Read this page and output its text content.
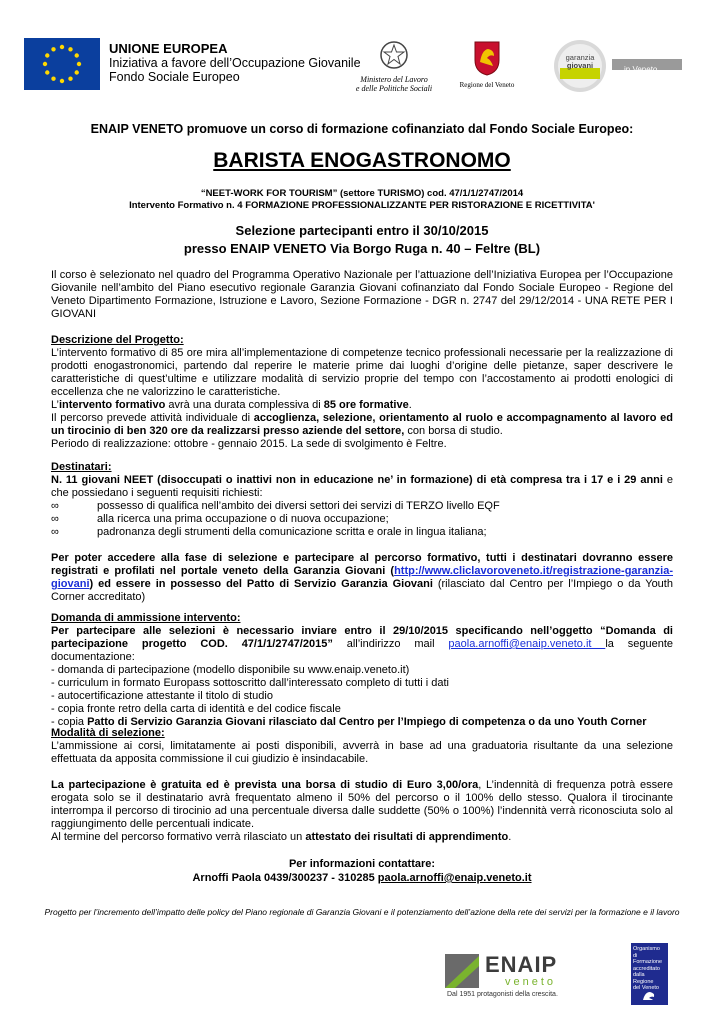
UNIONE EUROPEA
Iniziativa a favore dell’Occupazione Giovanile
Fondo Sociale Europeo	Ministero del Lavoro
e delle Politiche Sociali	Regione del Veneto
garanzia
giovani	in Veneto
ENAIP VENETO promuove un corso di formazione cofinanziato dal Fondo Sociale Europeo:
BARISTA ENOGASTRONOMO
“NEET-WORK FOR TOURISM” (settore TURISMO) cod. 47/1/1/2747/2014
Intervento Formativo n. 4 FORMAZIONE PROFESSIONALIZZANTE PER RISTORAZIONE E RICETTIVITA'
Selezione partecipanti entro il 30/10/2015
presso ENAIP VENETO Via Borgo Ruga n. 40 – Feltre (BL)
Il corso è selezionato nel quadro del Programma Operativo Nazionale per l’attuazione dell’Iniziativa Europea per l’Occupazione Giovanile nell’ambito del Piano esecutivo regionale Garanzia Giovani cofinanziato dal Fondo Sociale Europeo - Regione del Veneto Dipartimento Formazione, Istruzione e Lavoro, Sezione Formazione - DGR n. 2747 del 29/12/2014 - UNA RETE PER I GIOVANI

Descrizione del Progetto:

L’intervento formativo di 85 ore mira all’implementazione di competenze tecnico professionali necessarie per la realizzazione di prodotti enogastronomici, partendo dal reperire le materie prime dai luoghi d’origine delle pietanze, saper descrivere le caratteristiche di quest’ultime e utilizzare modalità di servizio proprie del tempo con l’accostamento ai prodotti enologici di eccellenza che ne valorizzino le caratteristiche.

L’intervento formativo avrà una durata complessiva di 85 ore formative.

Il percorso prevede attività individuale di accoglienza, selezione, orientamento al ruolo e accompagnamento al lavoro ed un tirocinio di ben 320 ore da realizzarsi presso aziende del settore, con borsa di studio.

Periodo di realizzazione: ottobre - gennaio 2015. La sede di svolgimento è Feltre.

Destinatari:

N. 11 giovani NEET (disoccupati o inattivi non in educazione ne’ in formazione) di età compresa tra i 17 e i 29 anni e che possiedano i seguenti requisiti richiesti:

∞	possesso di qualifica nell’ambito dei diversi settori dei servizi di TERZO livello EQF
∞	alla ricerca una prima occupazione o di nuova occupazione;
∞	padronanza degli strumenti della comunicazione scritta e orale in lingua italiana;

Per poter accedere alla fase di selezione e partecipare al percorso formativo, tutti i destinatari dovranno essere registrati e profilati nel portale veneto della Garanzia Giovani (http://www.cliclavoroveneto.it/registrazione-garanzia-giovani) ed essere in possesso del Patto di Servizio Garanzia Giovani (rilasciato dal Centro per l’Impiego o da Youth Corner accreditato)

Domanda di ammissione intervento:

Per partecipare alle selezioni è necessario inviare entro il 29/10/2015 specificando nell’oggetto “Domanda di partecipazione progetto COD. 47/1/1/2747/2015” all’indirizzo mail paola.arnoffi@enaip.veneto.it la seguente documentazione:

- domanda di partecipazione (modello disponibile su www.enaip.veneto.it)

- curriculum in formato Europass sottoscritto dall’interessato completo di tutti i dati

- autocertificazione attestante il titolo di studio

- copia fronte retro della carta di identità e del codice fiscale

- copia Patto di Servizio Garanzia Giovani rilasciato dal Centro per l’Impiego di competenza o da uno Youth Corner

Modalità di selezione:

L’ammissione ai corsi, limitatamente ai posti disponibili, avverrà in base ad una graduatoria risultante da una selezione effettuata da apposita commissione il cui giudizio è insindacabile.

La partecipazione è gratuita ed è prevista una borsa di studio di Euro 3,00/ora, L’indennità di frequenza potrà essere erogata solo se il destinatario avrà frequentato almeno il 50% del percorso o il 100% dello stesso. Qualora il tirocinante interrompa il percorso di tirocinio ad una percentuale diversa dalle suddette (50% o 100%) l’indennità verrà riconosciuta solo al raggiungimento delle percentuali indicate.

Al termine del percorso formativo verrà rilasciato un attestato dei risultati di apprendimento.

Per informazioni contattare:
Arnoffi Paola 0439/300237 - 310285 paola.arnoffi@enaip.veneto.it
Progetto per l’incremento dell’impatto delle policy del Piano regionale di Garanzia Giovani e il potenziamento dell’azione della rete dei servizi per la formazione e il lavoro
ENAIP
veneto
Dal 1951 protagonisti della crescita.
Organismo
di Formazione
accreditato
dalla Regione
del Veneto
